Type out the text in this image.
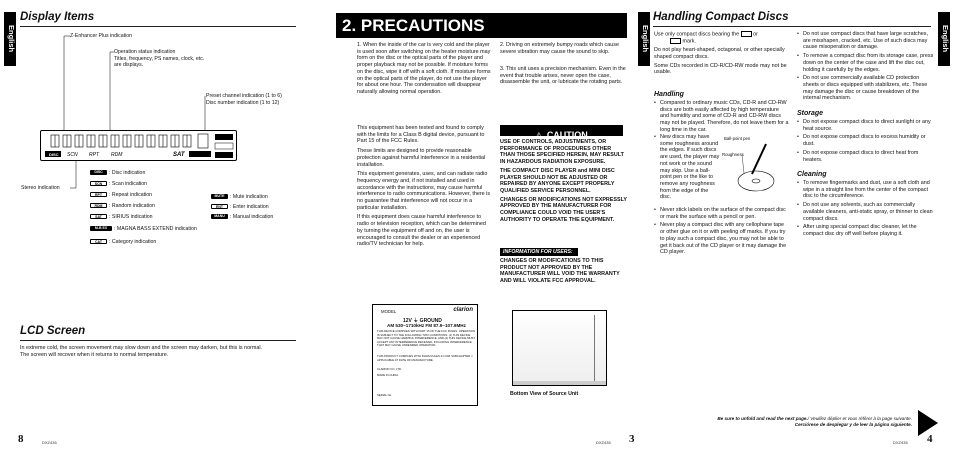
English
Display Items
Z-Enhancer Plus indication
Operation status indication
Titles, frequency, PS names, clock, etc.
are displays.
Preset channel indication (1 to 6)
Disc number indication (1 to 12)
Stereo indication
DISC SCN RPT RDM	SAT
DISC : Disc indication
SCN : Scan indication
RPT : Repeat indication
RDM : Random indication
SAT : SIRIUS indication
M-B EX : MAGNA BASS EXTEND indication
CAT : Category indication
MUTE : Mute indication
ENT : Enter indication
MANU : Manual indication
LCD Screen
In extreme cold, the screen movement may slow down and the screen may darken, but this is normal.
The screen will recover when it returns to normal temperature.
8	DXZ435
2. PRECAUTIONS
1. When the inside of the car is very cold and the player is used soon after switching on the heater moisture may form on the disc or the optical parts of the player and proper playback may not be possible. If moisture forms on the disc, wipe it off with a soft cloth. If moisture forms on the optical parts of the player, do not use the player for about one hour. The condensation will disappear naturally allowing normal operation.
2. Driving on extremely bumpy roads which cause severe vibration may cause the sound to skip.
3. This unit uses a precision mechanism. Even in the event that trouble arises, never open the case, disassemble the unit, or lubricate the rotating parts.

This equipment has been tested and found to comply with the limits for a Class B digital device, pursuant to Part 15 of the FCC Rules.

These limits are designed to provide reasonable protection against harmful interference in a residential installation.

This equipment generates, uses, and can radiate radio frequency energy and, if not installed and used in accordance with the instructions, may cause harmful interference to radio communications. However, there is no guarantee that interference will not occur in a particular installation.

If this equipment does cause harmful interference to radio or television reception, which can be determined by turning the equipment off and on, the user is encouraged to consult the dealer or an experienced radio/TV technician for help.

⚠ CAUTION

USE OF CONTROLS, ADJUSTMENTS, OR PERFORMANCE OF PROCEDURES OTHER THAN THOSE SPECIFIED HEREIN, MAY RESULT IN HAZARDOUS RADIATION EXPOSURE.

THE COMPACT DISC PLAYER and MINI DISC PLAYER SHOULD NOT BE ADJUSTED OR REPAIRED BY ANYONE EXCEPT PROPERLY QUALIFIED SERVICE PERSONNEL.

CHANGES OR MODIFICATIONS NOT EXPRESSLY APPROVED BY THE MANUFACTURER FOR COMPLIANCE COULD VOID THE USER'S AUTHORITY TO OPERATE THE EQUIPMENT.

INFORMATION FOR USERS:
CHANGES OR MODIFICATIONS TO THIS PRODUCT NOT APPROVED BY THE MANUFACTURER WILL VOID THE WARRANTY AND WILL VIOLATE FCC APPROVAL.
MODEL	clarion
12V ⏚ GROUND
AM 530~1710kHz FM 87.9~107.9MHz
THIS DEVICE COMPLIES WITH PART 15 OF THE FCC RULES. OPERATION IS SUBJECT TO THE FOLLOWING TWO CONDITIONS: (1) THIS DEVICE MAY NOT CAUSE HARMFUL INTERFERENCE, AND (2) THIS DEVICE MUST ACCEPT ANY INTERFERENCE RECEIVED, INCLUDING INTERFERENCE THAT MAY CAUSE UNDESIRED OPERATION.
THIS PRODUCT COMPLIES WITH DHHS RULES 21 CFR SUBCHAPTER J APPLICABLE AT DATE OF MANUFACTURE.
CLARION CO.,LTD.
MADE IN CHINA
SERIAL No.	Bottom View of Source Unit
DXZ435 3
English
Handling Compact Discs
English
Use only compact discs bearing the	or
mark.

Do not play heart-shaped, octagonal, or other specially shaped compact discs.

Some CDs recorded in CD-R/CD-RW mode may not be usable.

Handling
• Compared to ordinary music CDs, CD-R and CD-RW discs are both easily affected by high temperature and humidity and some of CD-R and CD-RW discs may not be played. Therefore, do not leave them for a long time in the car.
• New discs may have some roughness around the edges. If such discs are used, the player may not work or the sound may skip. Use a ball-point pen or the like to remove any roughness from the edge of the disc.
• Never stick labels on the surface of the compact disc or mark the surface with a pencil or pen.
• Never play a compact disc with any cellophane tape or other glue on it or with peeling off marks. If you try to play such a compact disc, you may not be able to get it back out of the CD player or it may damage the CD player.
Ball-point pen
Roughness
• Do not use compact discs that have large scratches, are misshapen, cracked, etc. Use of such discs may cause misoperation or damage.
• To remove a compact disc from its storage case, press down on the center of the case and lift the disc out, holding it carefully by the edges.
• Do not use commercially available CD protection sheets or discs equipped with stabilizers, etc. These may damage the disc or cause breakdown of the internal mechanism.
Storage
• Do not expose compact discs to direct sunlight or any heat source.
• Do not expose compact discs to excess humidity or dust.
• Do not expose compact discs to direct heat from heaters.
Cleaning
• To remove fingermarks and dust, use a soft cloth and wipe in a straight line from the center of the compact disc to the circumference.
• Do not use any solvents, such as commercially available cleaners, anti-static spray, or thinner to clean compact discs.
• After using special compact disc cleaner, let the compact disc dry off well before playing it.
Be sure to unfold and read the next page./ Veuillez déplier et vous référer à la page suivante.
Cerciórese de desplegar y de leer la página siguiente.
DXZ435 4
